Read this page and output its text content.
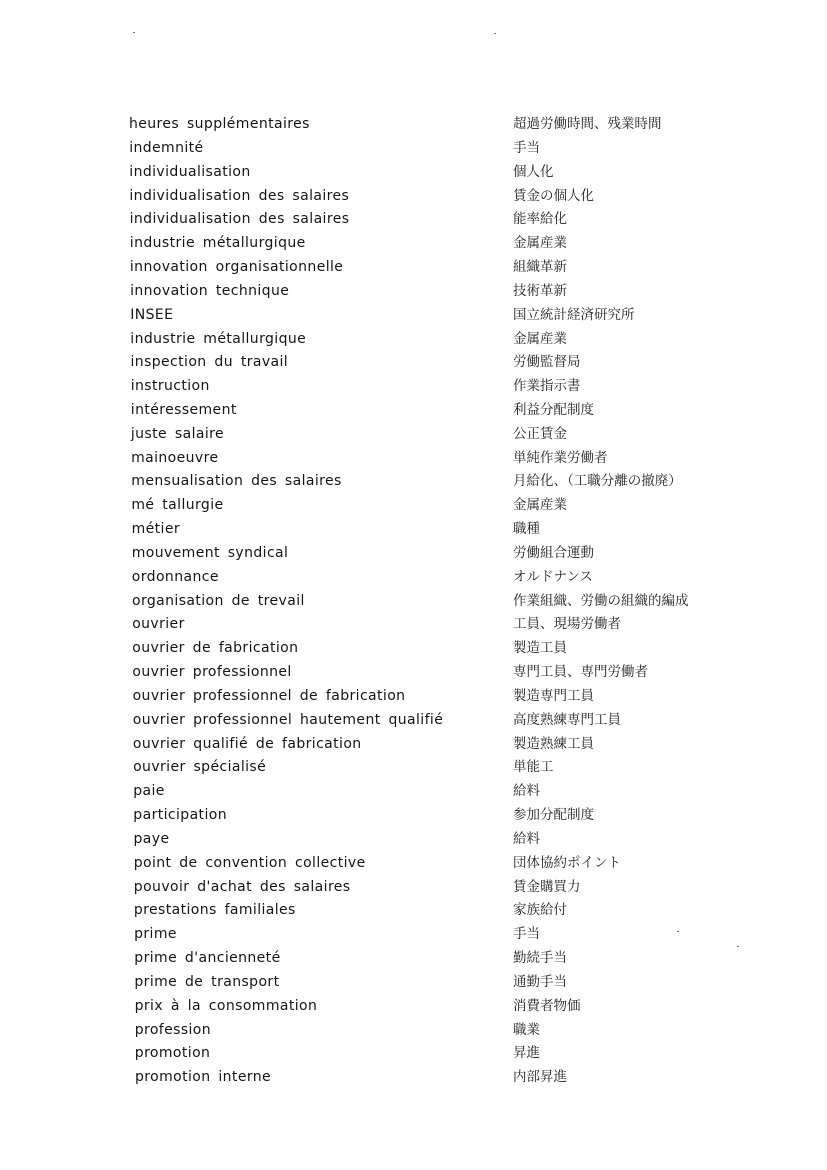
heures supplémentaires	超過労働時間、残業時間
indemnité	手当
individualisation	個人化
individualisation des salaires	賃金の個人化
individualisation des salaires	能率給化
industrie métallurgique	金属産業
innovation organisationnelle	組織革新
innovation technique	技術革新
INSEE	国立統計経済研究所
industrie métallurgique	金属産業
inspection du travail	労働監督局
instruction	作業指示書
intéressement	利益分配制度
juste salaire	公正賃金
mainoeuvre	単純作業労働者
mensualisation des salaires	月給化、（工職分離の撤廃）
mé tallurgie	金属産業
métier	職種
mouvement syndical	労働組合運動
ordonnance	オルドナンス
organisation de trevail	作業組織、労働の組織的編成
ouvrier	工員、現場労働者
ouvrier de fabrication	製造工員
ouvrier professionnel	専門工員、専門労働者
ouvrier professionnel de fabrication	製造専門工員
ouvrier professionnel hautement qualifié	高度熟練専門工員
ouvrier qualifié de fabrication	製造熟練工員
ouvrier spécialisé	単能工
paie	給料
participation	参加分配制度
paye	給料
point de convention collective	団体協約ポイント
pouvoir d'achat des salaires	賃金購買力
prestations familiales	家族給付
prime	手当
prime d'ancienneté	勤続手当
prime de transport	通勤手当
prix à la consommation	消費者物価
profession	職業
promotion	昇進
promotion interne	内部昇進
